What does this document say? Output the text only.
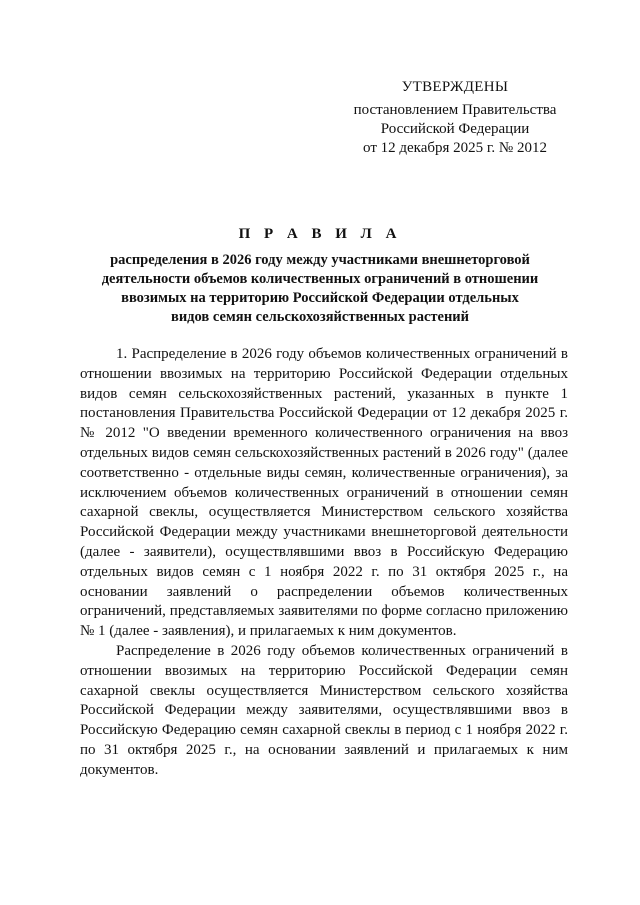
УТВЕРЖДЕНЫ
постановлением Правительства
Российской Федерации
от 12 декабря 2025 г. № 2012
П Р А В И Л А
распределения в 2026 году между участниками внешнеторговой
деятельности объемов количественных ограничений в отношении
ввозимых на территорию Российской Федерации отдельных
видов семян сельскохозяйственных растений

1. Распределение в 2026 году объемов количественных ограничений в отношении ввозимых на территорию Российской Федерации отдельных видов семян сельскохозяйственных растений, указанных в пункте 1 постановления Правительства Российской Федерации от 12 декабря 2025 г. № 2012 "О введении временного количественного ограничения на ввоз отдельных видов семян сельскохозяйственных растений в 2026 году" (далее соответственно - отдельные виды семян, количественные ограничения), за исключением объемов количественных ограничений в отношении семян сахарной свеклы, осуществляется Министерством сельского хозяйства Российской Федерации между участниками внешнеторговой деятельности (далее - заявители), осуществлявшими ввоз в Российскую Федерацию отдельных видов семян с 1 ноября 2022 г. по 31 октября 2025 г., на основании заявлений о распределении объемов количественных ограничений, представляемых заявителями по форме согласно приложению № 1 (далее - заявления), и прилагаемых к ним документов.

Распределение в 2026 году объемов количественных ограничений в отношении ввозимых на территорию Российской Федерации семян сахарной свеклы осуществляется Министерством сельского хозяйства Российской Федерации между заявителями, осуществлявшими ввоз в Российскую Федерацию семян сахарной свеклы в период с 1 ноября 2022 г. по 31 октября 2025 г., на основании заявлений и прилагаемых к ним документов.
